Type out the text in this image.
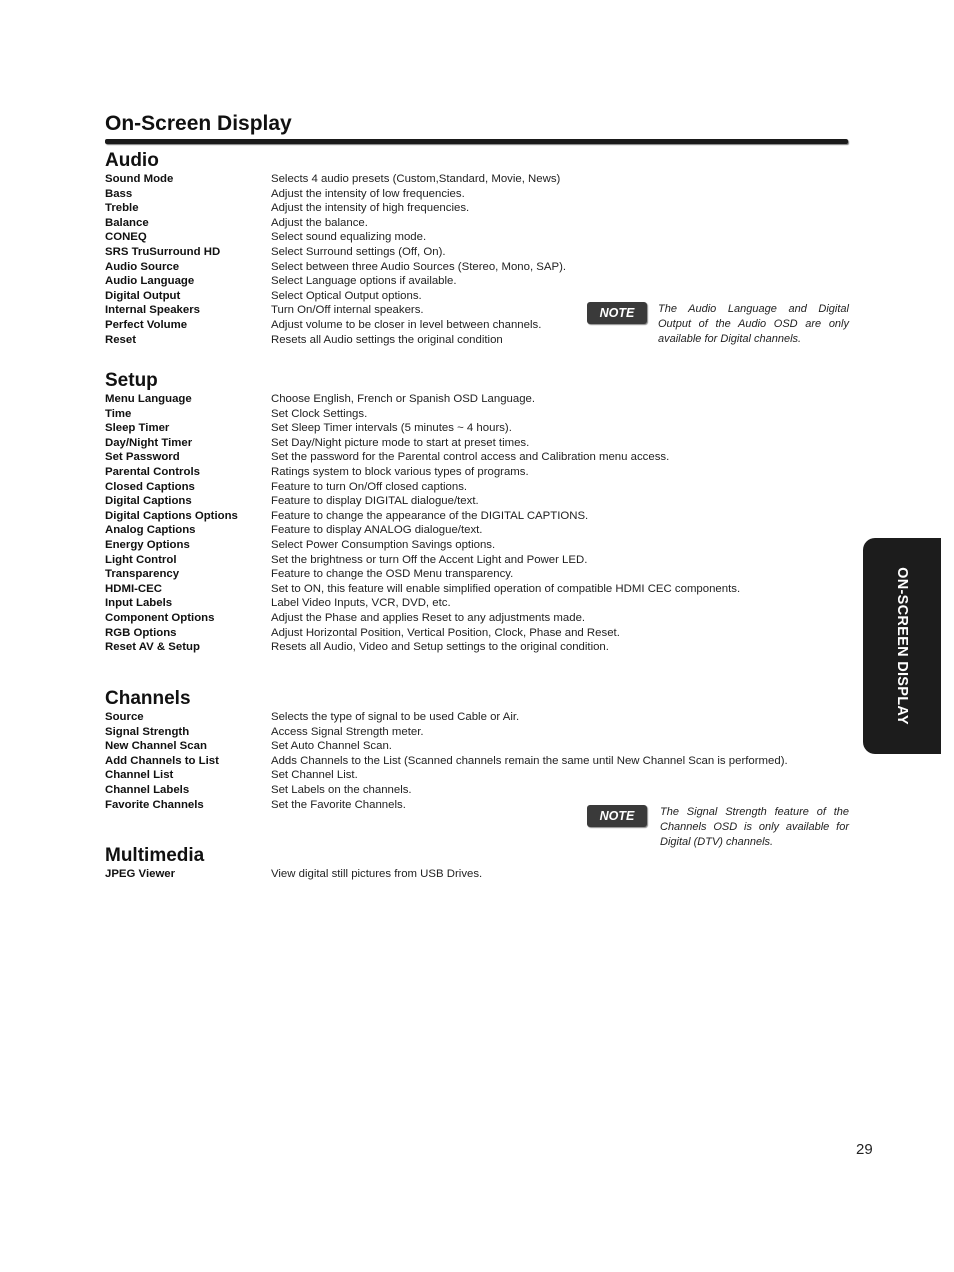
On-Screen Display
Audio
Sound Mode	Selects 4 audio presets (Custom,Standard, Movie, News)
Bass	Adjust the intensity of low frequencies.
Treble	Adjust the intensity of high frequencies.
Balance	Adjust the balance.
CONEQ	Select sound equalizing mode.
SRS TruSurround HD	Select Surround settings (Off, On).
Audio Source	Select between three Audio Sources (Stereo, Mono, SAP).
Audio Language	Select Language options if available.
Digital Output	Select Optical Output options.
Internal Speakers	Turn On/Off internal speakers.
Perfect Volume	Adjust volume to be closer in level between channels.
Reset	Resets all Audio settings the original condition
NOTE	The Audio Language and Digital Output of the Audio OSD are only available for Digital channels.
Setup
Menu Language	Choose English, French or Spanish OSD Language.
Time	Set Clock Settings.
Sleep Timer	Set Sleep Timer intervals (5 minutes ~ 4 hours).
Day/Night Timer	Set Day/Night picture mode to start at preset times.
Set Password	Set the password for the Parental control access and Calibration menu access.
Parental Controls	Ratings system to block various types of programs.
Closed Captions	Feature to turn On/Off closed captions.
Digital Captions	Feature to display DIGITAL dialogue/text.
Digital Captions Options	Feature to change the appearance of the DIGITAL CAPTIONS.
Analog Captions	Feature to display ANALOG dialogue/text.
Energy Options	Select Power Consumption Savings options.
Light Control	Set the brightness or turn Off the Accent Light and Power LED.
Transparency	Feature to change the OSD Menu transparency.
HDMI-CEC	Set to ON, this feature will enable simplified operation of compatible HDMI CEC components.
Input Labels	Label Video Inputs, VCR, DVD, etc.
Component Options	Adjust the Phase and applies Reset to any adjustments made.
RGB Options	Adjust Horizontal Position, Vertical Position, Clock, Phase and Reset.
Reset AV & Setup	Resets all Audio, Video and Setup settings to the original condition.
Channels
Source	Selects the type of signal to be used Cable or Air.
Signal Strength	Access Signal Strength meter.
New Channel Scan	Set Auto Channel Scan.
Add Channels to List	Adds Channels to the List (Scanned channels remain the same until New Channel Scan is performed).
Channel List	Set Channel List.
Channel Labels	Set Labels on the channels.
Favorite Channels	Set the Favorite Channels.
NOTE	The Signal Strength feature of the Channels OSD is only available for Digital (DTV) channels.
Multimedia
JPEG Viewer	View digital still pictures from USB Drives.
ON-SCREEN DISPLAY
29
